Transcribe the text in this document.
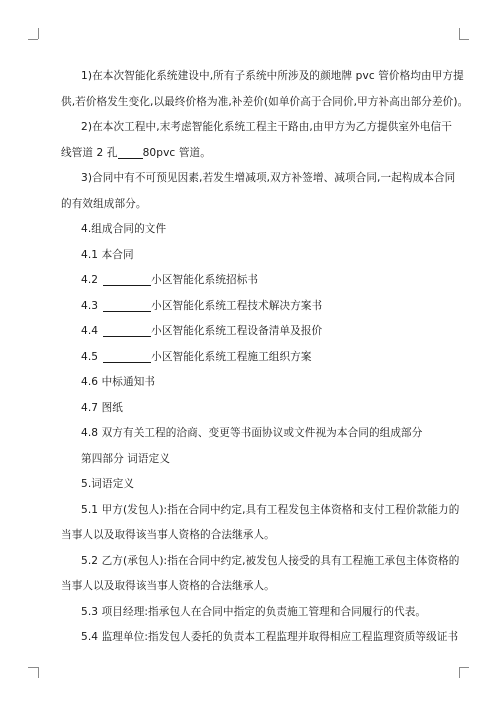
1)在本次智能化系统建设中,所有子系统中所涉及的颜地牌 pvc 管价格均由甲方提

供,若价格发生变化,以最终价格为准,补差价(如单价高于合同价,甲方补高出部分差价)。

2)在本次工程中,末考虑智能化系统工程主干路由,由甲方为乙方提供室外电信干

线管道 2 孔 80pvc 管道。

3)合同中有不可预见因素,若发生增减项,双方补签增、减项合同,一起构成本合同

的有效组成部分。

4.组成合同的文件

4.1 本合同

4.2	小区智能化系统招标书

4.3	小区智能化系统工程技术解决方案书

4.4	小区智能化系统工程设备清单及报价

4.5	小区智能化系统工程施工组织方案

4.6 中标通知书

4.7 图纸

4.8 双方有关工程的洽商、变更等书面协议或文件视为本合同的组成部分

第四部分 词语定义

5.词语定义

5.1 甲方(发包人):指在合同中约定,具有工程发包主体资格和支付工程价款能力的

当事人以及取得该当事人资格的合法继承人。

5.2 乙方(承包人):指在合同中约定,被发包人接受的具有工程施工承包主体资格的

当事人以及取得该当事人资格的合法继承人。

5.3 项目经理:指承包人在合同中指定的负责施工管理和合同履行的代表。

5.4 监理单位:指发包人委托的负责本工程监理并取得相应工程监理资质等级证书
